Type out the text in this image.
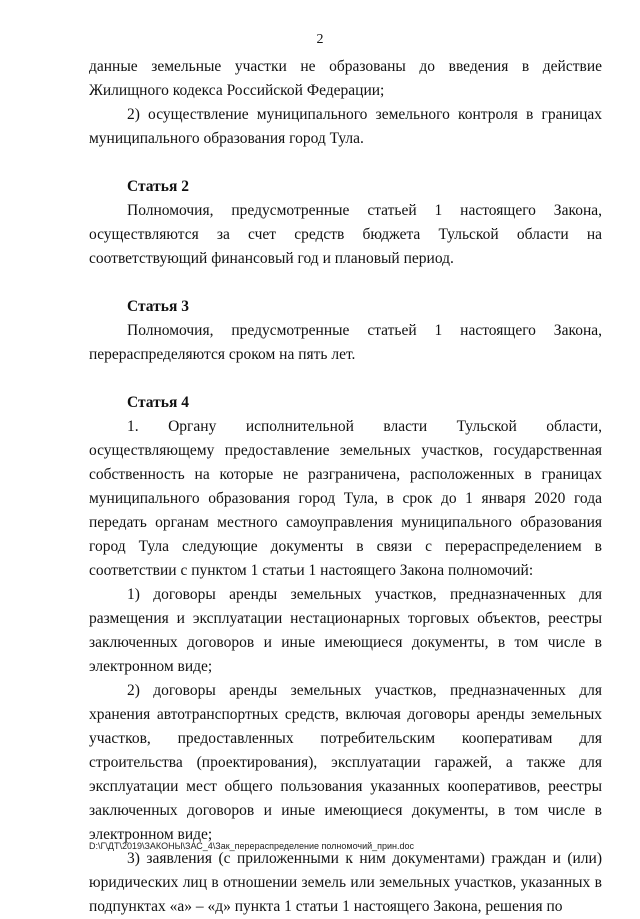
2

данные земельные участки не образованы до введения в действие Жилищного кодекса Российской Федерации;

2) осуществление муниципального земельного контроля в границах муниципального образования город Тула.

Статья 2

Полномочия, предусмотренные статьей 1 настоящего Закона, осуществляются за счет средств бюджета Тульской области на соответствующий финансовый год и плановый период.

Статья 3

Полномочия, предусмотренные статьей 1 настоящего Закона, перераспределяются сроком на пять лет.

Статья 4

1. Органу исполнительной власти Тульской области, осуществляющему предоставление земельных участков, государственная собственность на которые не разграничена, расположенных в границах муниципального образования город Тула, в срок до 1 января 2020 года передать органам местного самоуправления муниципального образования город Тула следующие документы в связи с перераспределением в соответствии с пунктом 1 статьи 1 настоящего Закона полномочий:

1) договоры аренды земельных участков, предназначенных для размещения и эксплуатации нестационарных торговых объектов, реестры заключенных договоров и иные имеющиеся документы, в том числе в электронном виде;

2) договоры аренды земельных участков, предназначенных для хранения автотранспортных средств, включая договоры аренды земельных участков, предоставленных потребительским кооперативам для строительства (проектирования), эксплуатации гаражей, а также для эксплуатации мест общего пользования указанных кооперативов, реестры заключенных договоров и иные имеющиеся документы, в том числе в электронном виде;

3) заявления (с приложенными к ним документами) граждан и (или) юридических лиц в отношении земель или земельных участков, указанных в подпунктах «а» – «д» пункта 1 статьи 1 настоящего Закона, решения по

D:\Г\ДТ\2019\ЗАКОНЫ\ЗАС_4\Зак_перераспределение полномочий_прин.doc
